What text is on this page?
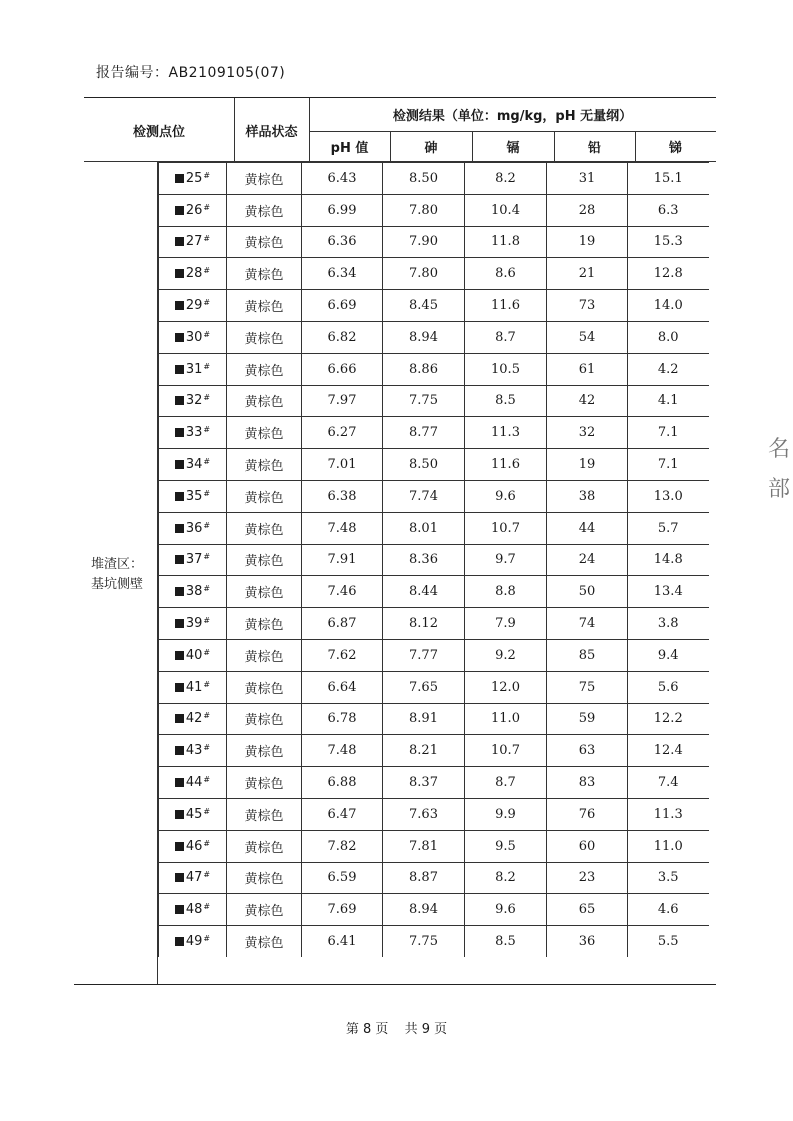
报告编号：AB2109105(07)
检测点位	样品状态
检测结果（单位：mg/kg，pH 无量纲）
pH 值	砷	镉	铅	锑
堆渣区：
基坑侧壁
25#	黄棕色	6.43	8.50	8.2	31	15.1
26#	黄棕色	6.99	7.80	10.4	28	6.3
27#	黄棕色	6.36	7.90	11.8	19	15.3
28#	黄棕色	6.34	7.80	8.6	21	12.8
29#	黄棕色	6.69	8.45	11.6	73	14.0
30#	黄棕色	6.82	8.94	8.7	54	8.0
31#	黄棕色	6.66	8.86	10.5	61	4.2
32#	黄棕色	7.97	7.75	8.5	42	4.1
33#	黄棕色	6.27	8.77	11.3	32	7.1
34#	黄棕色	7.01	8.50	11.6	19	7.1
35#	黄棕色	6.38	7.74	9.6	38	13.0
36#	黄棕色	7.48	8.01	10.7	44	5.7
37#	黄棕色	7.91	8.36	9.7	24	14.8
38#	黄棕色	7.46	8.44	8.8	50	13.4
39#	黄棕色	6.87	8.12	7.9	74	3.8
40#	黄棕色	7.62	7.77	9.2	85	9.4
41#	黄棕色	6.64	7.65	12.0	75	5.6
42#	黄棕色	6.78	8.91	11.0	59	12.2
43#	黄棕色	7.48	8.21	10.7	63	12.4
44#	黄棕色	6.88	8.37	8.7	83	7.4
45#	黄棕色	6.47	7.63	9.9	76	11.3
46#	黄棕色	7.82	7.81	9.5	60	11.0
47#	黄棕色	6.59	8.87	8.2	23	3.5
48#	黄棕色	7.69	8.94	9.6	65	4.6
49#	黄棕色	6.41	7.75	8.5	36	5.5
第 8 页 共 9 页
名
部
